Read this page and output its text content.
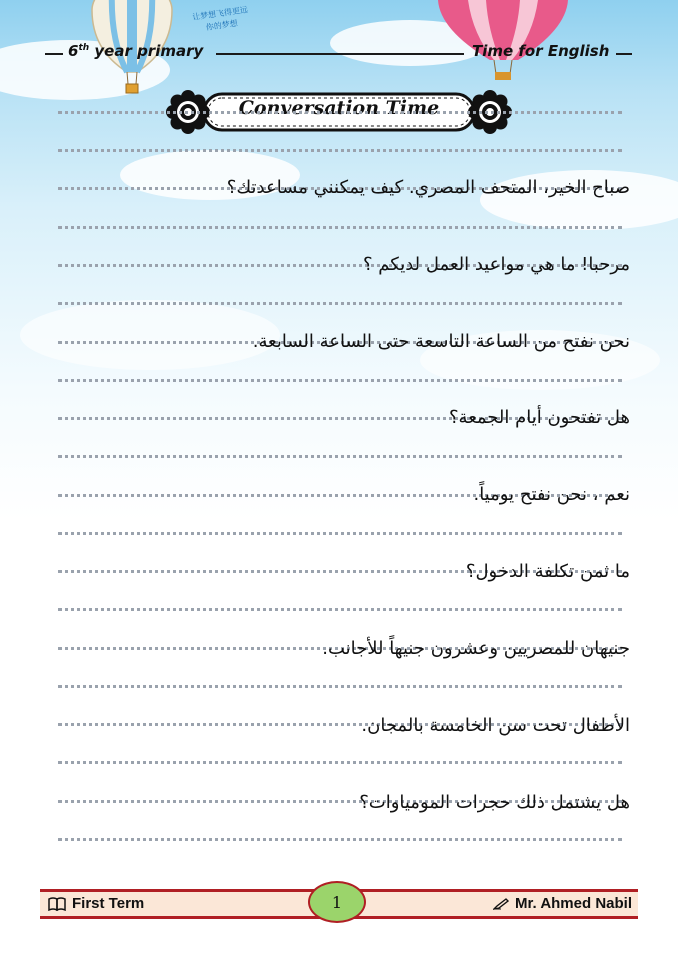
让梦想飞得更远
你的梦想
6th year primary	Time for English
Conversation Time
صباح الخير، المتحف المصري. كيف يمكنني مساعدتك؟
مرحبا! ما هي مواعيد العمل لديكم ؟
نحن نفتح من الساعة التاسعة حتى الساعة السابعة.
هل تفتحون أيام الجمعة؟
نعم ، نحن نفتح يومياً.
ما ثمن تكلفة الدخول؟
جنيهان للمصريين وعشرون جنيهاً للأجانب.
الأطفال تحت سن الخامسة بالمجان.
هل يشتمل ذلك حجرات المومياوات؟
First Term	1	Mr. Ahmed Nabil
